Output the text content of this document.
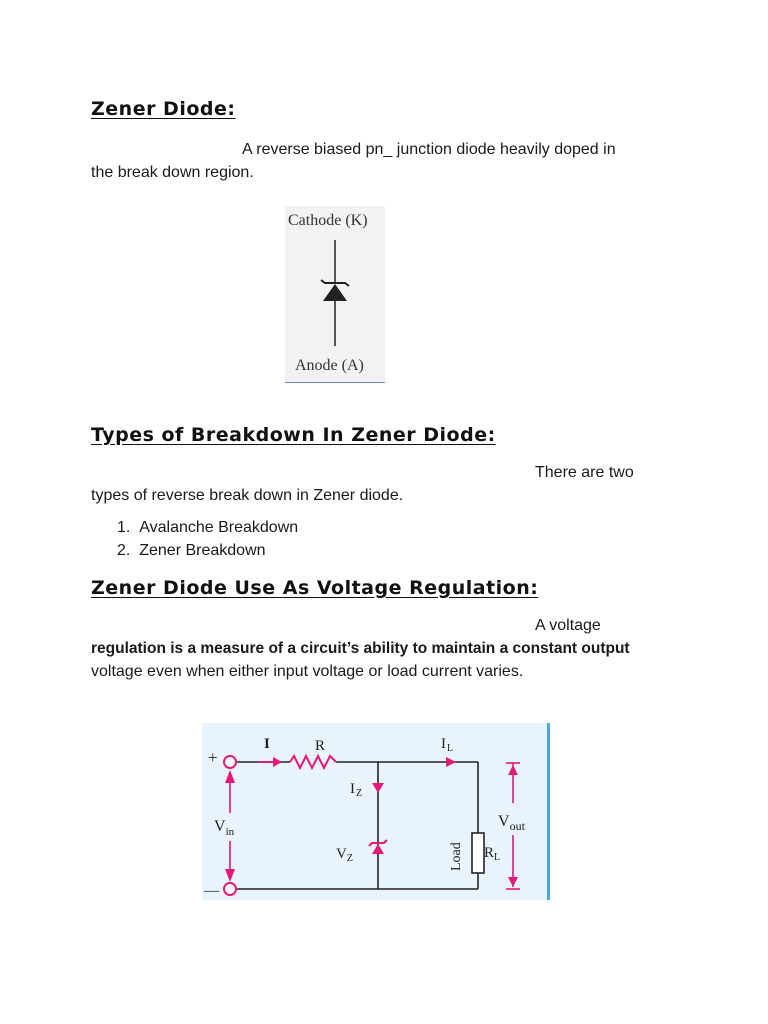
Zener Diode:
A reverse biased pn_ junction diode heavily doped in
the break down region.
Cathode (K)
Anode (A)
Types of Breakdown In Zener Diode:
There are two
types of reverse break down in Zener diode.
1. Avalanche Breakdown
2. Zener Breakdown
Zener Diode Use As Voltage Regulation:
A voltage
regulation is a measure of a circuit’s ability to maintain a constant output
voltage even when either input voltage or load current varies.
+
—
I	R	$I_L$
$I_Z$
$V_{in}$
$V_Z$	Load $R_L$
$V_{out}$
